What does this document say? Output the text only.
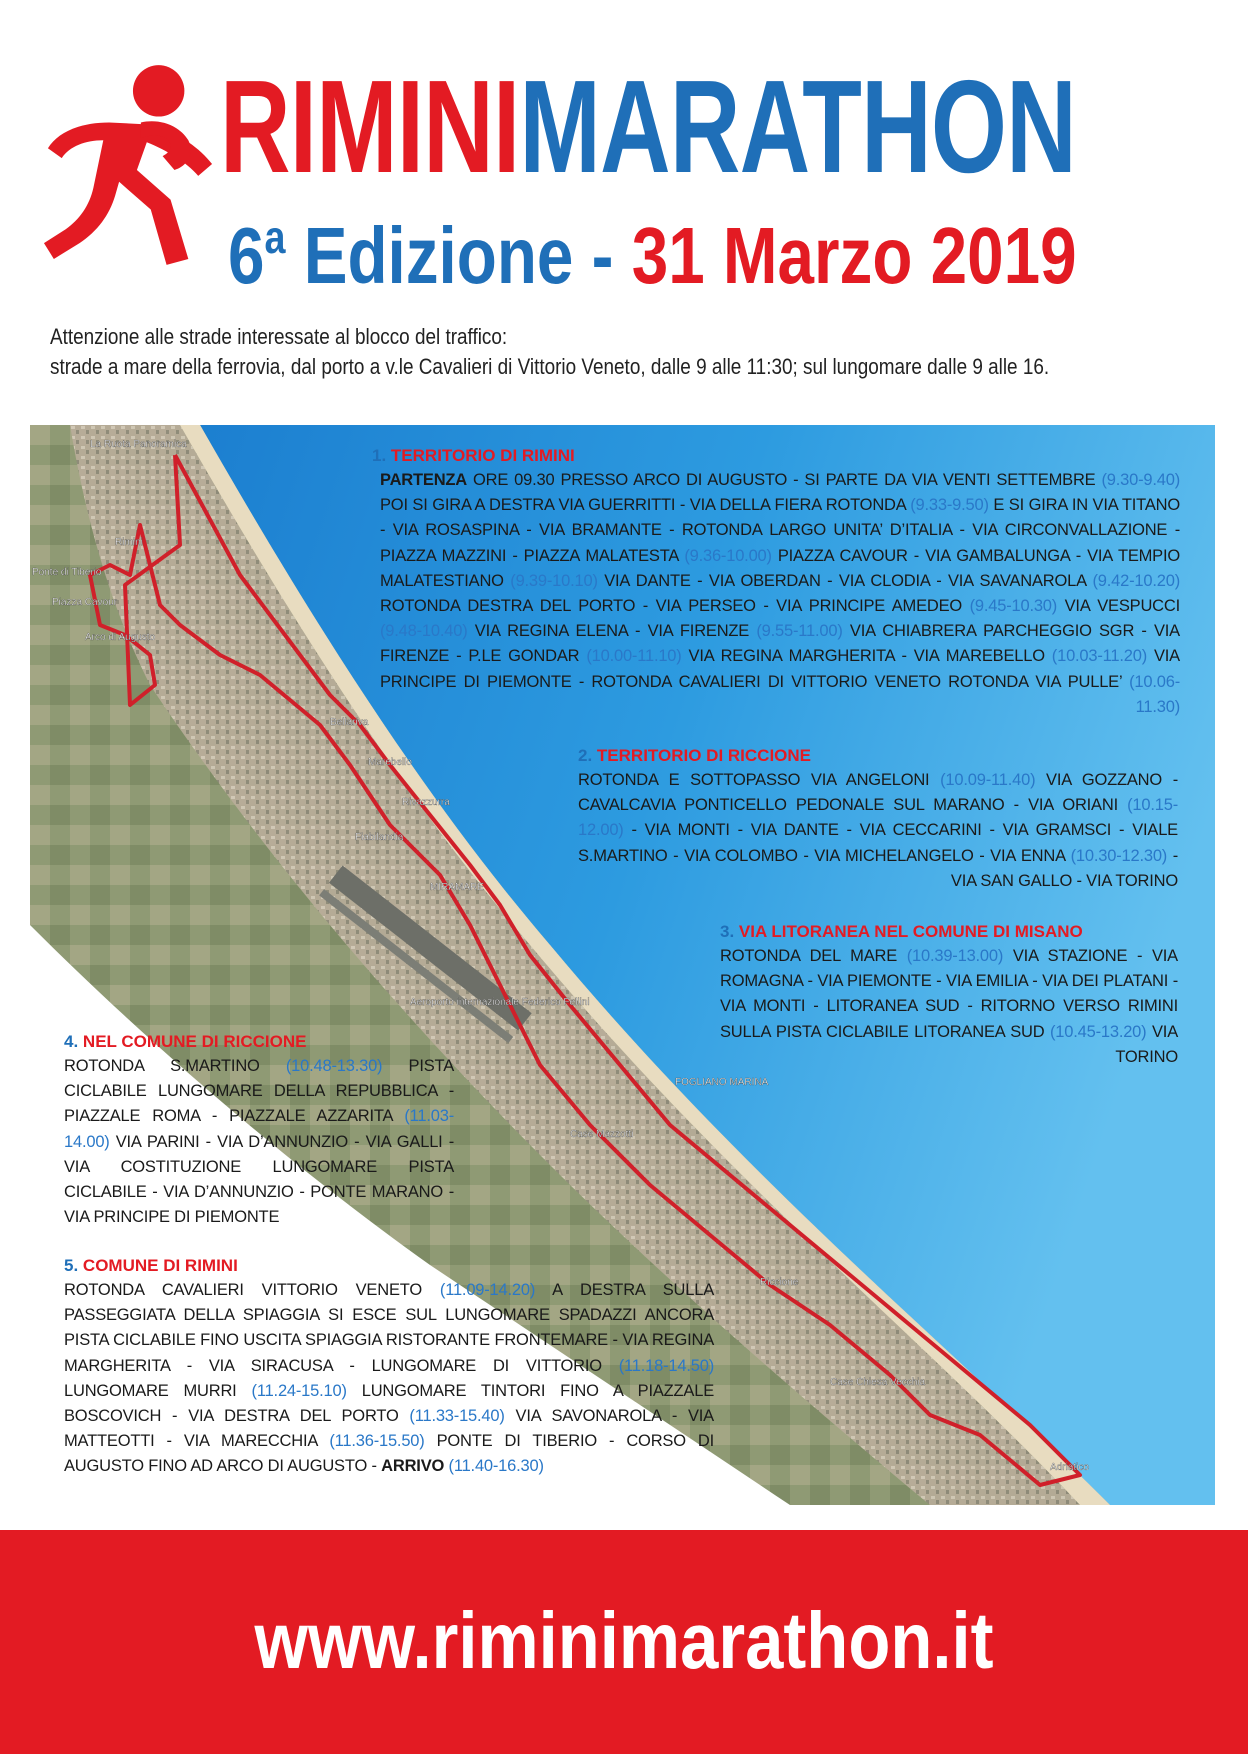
RIMINIMARATHON
6$^a$ Edizione - 31 Marzo 2019
Attenzione alle strade interessate al blocco del traffico:
strade a mare della ferrovia, dal porto a v.le Cavalieri di Vittorio Veneto, dalle 9 alle 11:30; sul lungomare dalle 9 alle 16.
La Ruota Panoramica
Rimini
Ponte di Tiberio
Piazza Cavour
Arco di Augusto
Bellariva
Marebello
Rivazzurra
Fiabilandia
MIRAMARE
Aeroporto internazionale Federico Fellini
FOGLIANO MARINA
Case Mazzotti
Riccione
Case Chiesa Vecchia
Adriatico
1. TERRITORIO DI RIMINI
PARTENZA ORE 09.30 PRESSO ARCO DI AUGUSTO - SI PARTE DA VIA VENTI SETTEMBRE (9.30-9.40) POI SI GIRA A DESTRA VIA GUERRITTI - VIA DELLA FIERA ROTONDA (9.33-9.50) E SI GIRA IN VIA TITANO - VIA ROSASPINA - VIA BRAMANTE - ROTONDA LARGO UNITA’ D’ITALIA - VIA CIRCONVALLAZIONE - PIAZZA MAZZINI - PIAZZA MALATESTA (9.36-10.00) PIAZZA CAVOUR - VIA GAMBALUNGA - VIA TEMPIO MALATESTIANO (9.39-10.10) VIA DANTE - VIA OBERDAN - VIA CLODIA - VIA SAVANAROLA (9.42-10.20) ROTONDA DESTRA DEL PORTO - VIA PERSEO - VIA PRINCIPE AMEDEO (9.45-10.30) VIA VESPUCCI (9.48-10.40) VIA REGINA ELENA - VIA FIRENZE (9.55-11.00) VIA CHIABRERA PARCHEGGIO SGR - VIA FIRENZE - P.LE GONDAR (10.00-11.10) VIA REGINA MARGHERITA - VIA MAREBELLO (10.03-11.20) VIA PRINCIPE DI PIEMONTE - ROTONDA CAVALIERI DI VITTORIO VENETO ROTONDA VIA PULLE’ (10.06-11.30)
2. TERRITORIO DI RICCIONE
ROTONDA E SOTTOPASSO VIA ANGELONI (10.09-11.40) VIA GOZZANO - CAVALCAVIA PONTICELLO PEDONALE SUL MARANO - VIA ORIANI (10.15-12.00) - VIA MONTI - VIA DANTE - VIA CECCARINI - VIA GRAMSCI - VIALE S.MARTINO - VIA COLOMBO - VIA MICHELANGELO - VIA ENNA (10.30-12.30) - VIA SAN GALLO - VIA TORINO
3. VIA LITORANEA NEL COMUNE DI MISANO
ROTONDA DEL MARE (10.39-13.00) VIA STAZIONE - VIA ROMAGNA - VIA PIEMONTE - VIA EMILIA - VIA DEI PLATANI - VIA MONTI - LITORANEA SUD - RITORNO VERSO RIMINI SULLA PISTA CICLABILE LITORANEA SUD (10.45-13.20) VIA TORINO
4. NEL COMUNE DI RICCIONE
ROTONDA S.MARTINO (10.48-13.30) PISTA CICLABILE LUNGOMARE DELLA REPUBBLICA - PIAZZALE ROMA - PIAZZALE AZZARITA (11.03-14.00) VIA PARINI - VIA D’ANNUNZIO - VIA GALLI - VIA COSTITUZIONE LUNGOMARE PISTA CICLABILE - VIA D’ANNUNZIO - PONTE MARANO - VIA PRINCIPE DI PIEMONTE
5. COMUNE DI RIMINI
ROTONDA CAVALIERI VITTORIO VENETO (11.09-14.20) A DESTRA SULLA PASSEGGIATA DELLA SPIAGGIA SI ESCE SUL LUNGOMARE SPADAZZI ANCORA PISTA CICLABILE FINO USCITA SPIAGGIA RISTORANTE FRONTEMARE - VIA REGINA MARGHERITA - VIA SIRACUSA - LUNGOMARE DI VITTORIO (11.18-14.50) LUNGOMARE MURRI (11.24-15.10) LUNGOMARE TINTORI FINO A PIAZZALE BOSCOVICH - VIA DESTRA DEL PORTO (11.33-15.40) VIA SAVONAROLA - VIA MATTEOTTI - VIA MARECCHIA (11.36-15.50) PONTE DI TIBERIO - CORSO DI AUGUSTO FINO AD ARCO DI AUGUSTO - ARRIVO (11.40-16.30)
www.riminimarathon.it
